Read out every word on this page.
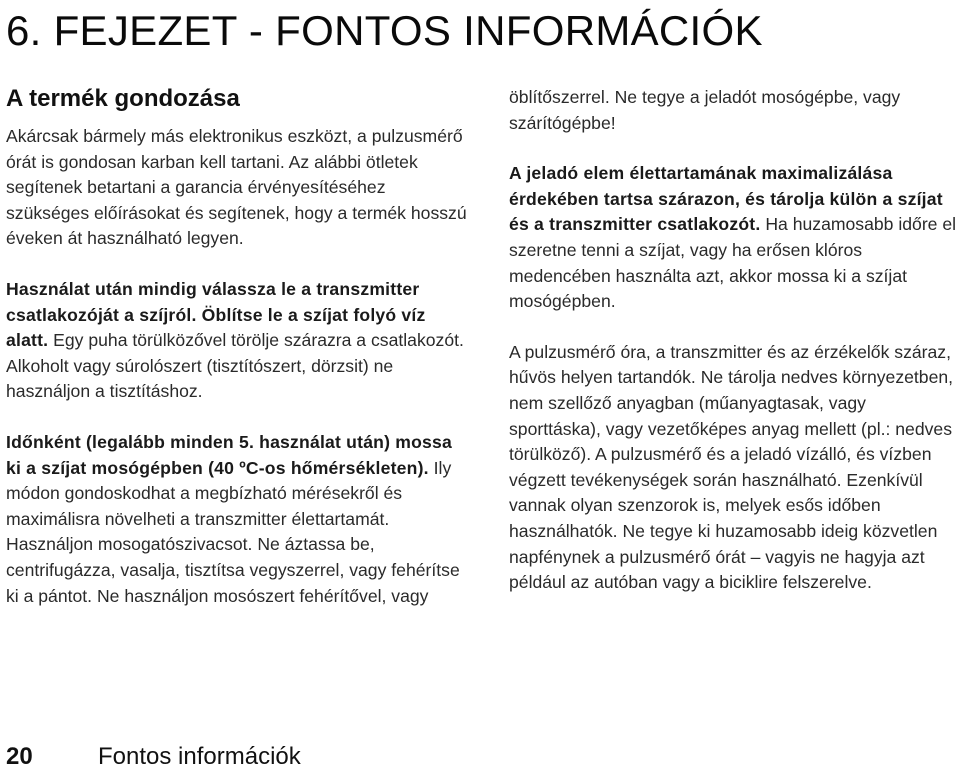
6. FEJEZET - FONTOS INFORMÁCIÓK
A termék gondozása

Akárcsak bármely más elektronikus eszközt, a pulzusmérő órát is gondosan karban kell tartani. Az alábbi ötletek segítenek betartani a garancia érvényesítéséhez szükséges előírásokat és segítenek, hogy a termék hosszú éveken át használható legyen.

Használat után mindig válassza le a transzmitter csatlakozóját a szíjról. Öblítse le a szíjat folyó víz alatt. Egy puha törülközővel törölje szárazra a csatlakozót. Alkoholt vagy súrolószert (tisztítószert, dörzsit) ne használjon a tisztításhoz.

Időnként (legalább minden 5. használat után) mossa ki a szíjat mosógépben (40 ºC-os hőmérsékleten). Ily módon gondoskodhat a megbízható mérésekről és maximálisra növelheti a transzmitter élettartamát. Használjon mosogatószivacsot. Ne áztassa be, centrifugázza, vasalja, tisztítsa vegyszerrel, vagy fehérítse ki a pántot. Ne használjon mosószert fehérítővel, vagy

öblítőszerrel. Ne tegye a jeladót mosógépbe, vagy szárítógépbe!

A jeladó elem élettartamának maximalizálása érdekében tartsa szárazon, és tárolja külön a szíjat és a transzmitter csatlakozót. Ha huzamosabb időre el szeretne tenni a szíjat, vagy ha erősen klóros medencében használta azt, akkor mossa ki a szíjat mosógépben.

A pulzusmérő óra, a transzmitter és az érzékelők száraz, hűvös helyen tartandók. Ne tárolja nedves környezetben, nem szellőző anyagban (műanyagtasak, vagy sporttáska), vagy vezetőképes anyag mellett (pl.: nedves törülköző). A pulzusmérő és a jeladó vízálló, és vízben végzett tevékenységek során használható. Ezenkívül vannak olyan szenzorok is, melyek esős időben használhatók. Ne tegye ki huzamosabb ideig közvetlen napfénynek a pulzusmérő órát – vagyis ne hagyja azt például az autóban vagy a biciklire felszerelve.

20	Fontos információk
